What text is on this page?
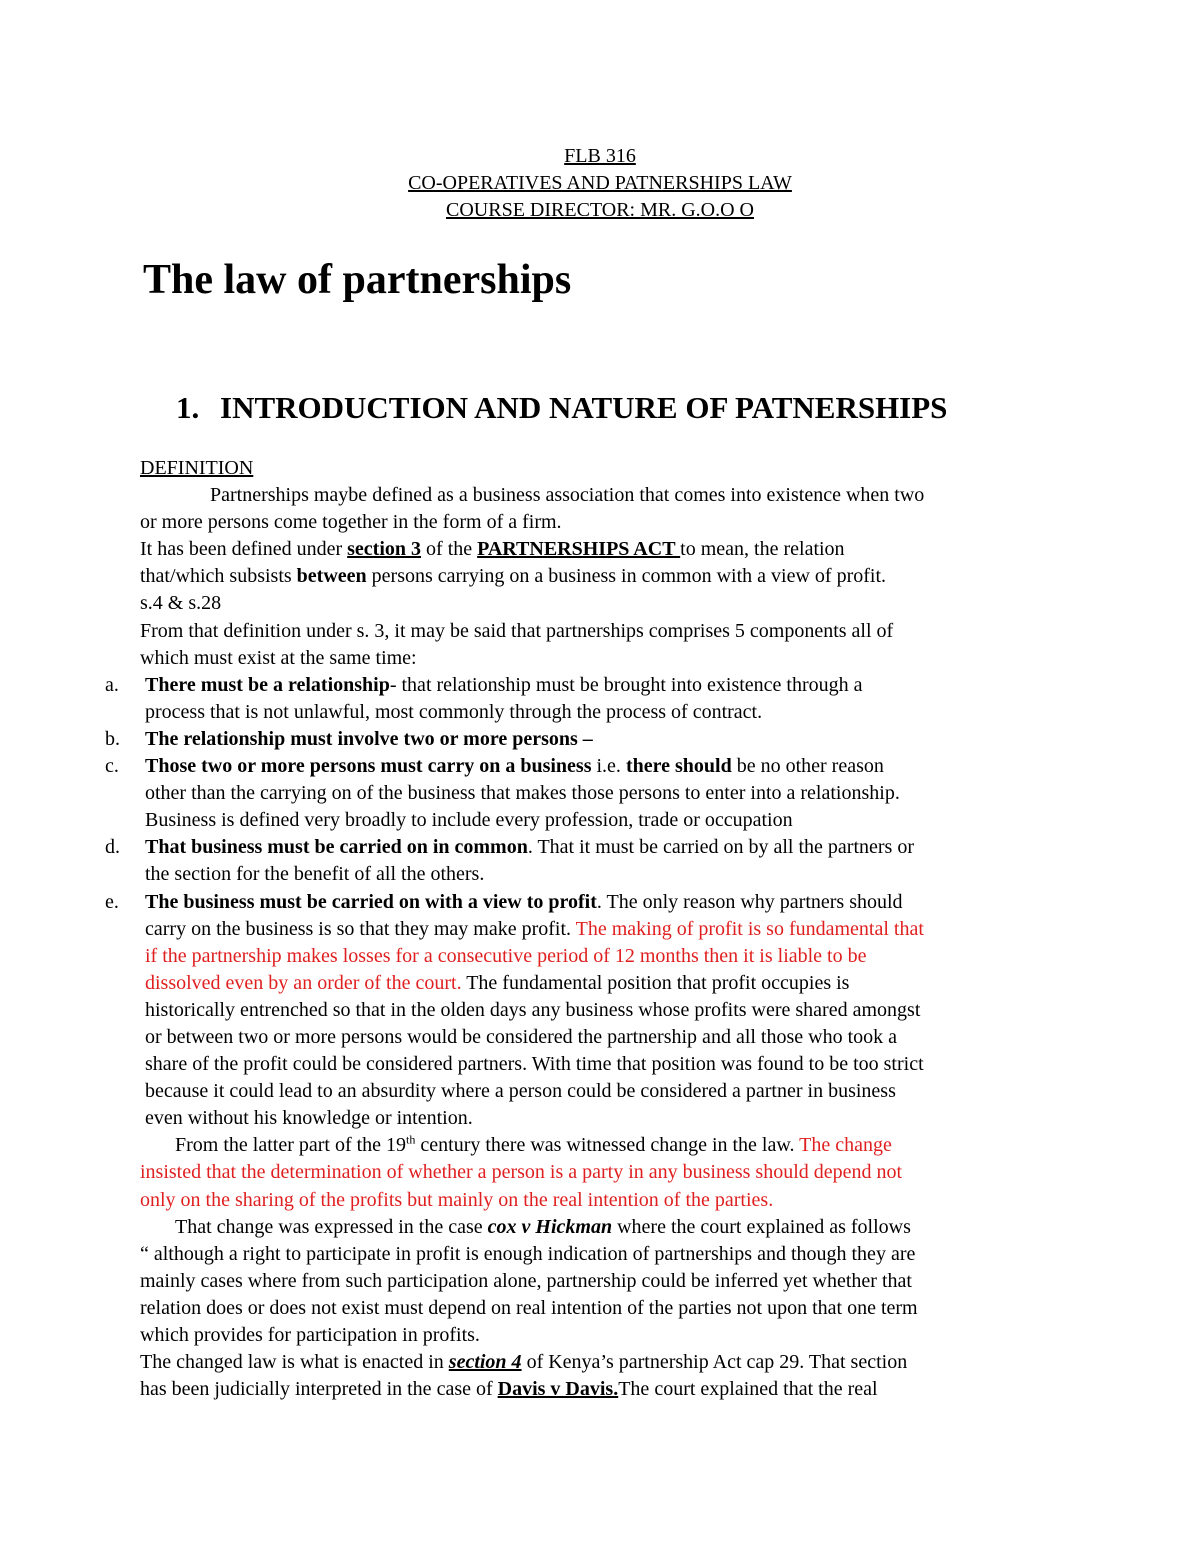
FLB 316
CO-OPERATIVES AND PATNERSHIPS LAW
COURSE DIRECTOR: MR. G.O.O O
The law of partnerships
1. INTRODUCTION AND NATURE OF PATNERSHIPS
DEFINITION
Partnerships maybe defined as a business association that comes into existence when two
or more persons come together in the form of a firm.
It has been defined under section 3 of the PARTNERSHIPS ACT to mean, the relation
that/which subsists between persons carrying on a business in common with a view of profit.
s.4 & s.28
From that definition under s. 3, it may be said that partnerships comprises 5 components all of
which must exist at the same time:
a. There must be a relationship- that relationship must be brought into existence through a
process that is not unlawful, most commonly through the process of contract.
b. The relationship must involve two or more persons –
c. Those two or more persons must carry on a business i.e. there should be no other reason
other than the carrying on of the business that makes those persons to enter into a relationship.
Business is defined very broadly to include every profession, trade or occupation
d. That business must be carried on in common. That it must be carried on by all the partners or
the section for the benefit of all the others.
e. The business must be carried on with a view to profit. The only reason why partners should
carry on the business is so that they may make profit. The making of profit is so fundamental that
if the partnership makes losses for a consecutive period of 12 months then it is liable to be
dissolved even by an order of the court. The fundamental position that profit occupies is
historically entrenched so that in the olden days any business whose profits were shared amongst
or between two or more persons would be considered the partnership and all those who took a
share of the profit could be considered partners. With time that position was found to be too strict
because it could lead to an absurdity where a person could be considered a partner in business
even without his knowledge or intention.
From the latter part of the 19th century there was witnessed change in the law. The change
insisted that the determination of whether a person is a party in any business should depend not
only on the sharing of the profits but mainly on the real intention of the parties.
That change was expressed in the case cox v Hickman where the court explained as follows
“ although a right to participate in profit is enough indication of partnerships and though they are
mainly cases where from such participation alone, partnership could be inferred yet whether that
relation does or does not exist must depend on real intention of the parties not upon that one term
which provides for participation in profits.
The changed law is what is enacted in section 4 of Kenya’s partnership Act cap 29. That section
has been judicially interpreted in the case of Davis v Davis.The court explained that the real
